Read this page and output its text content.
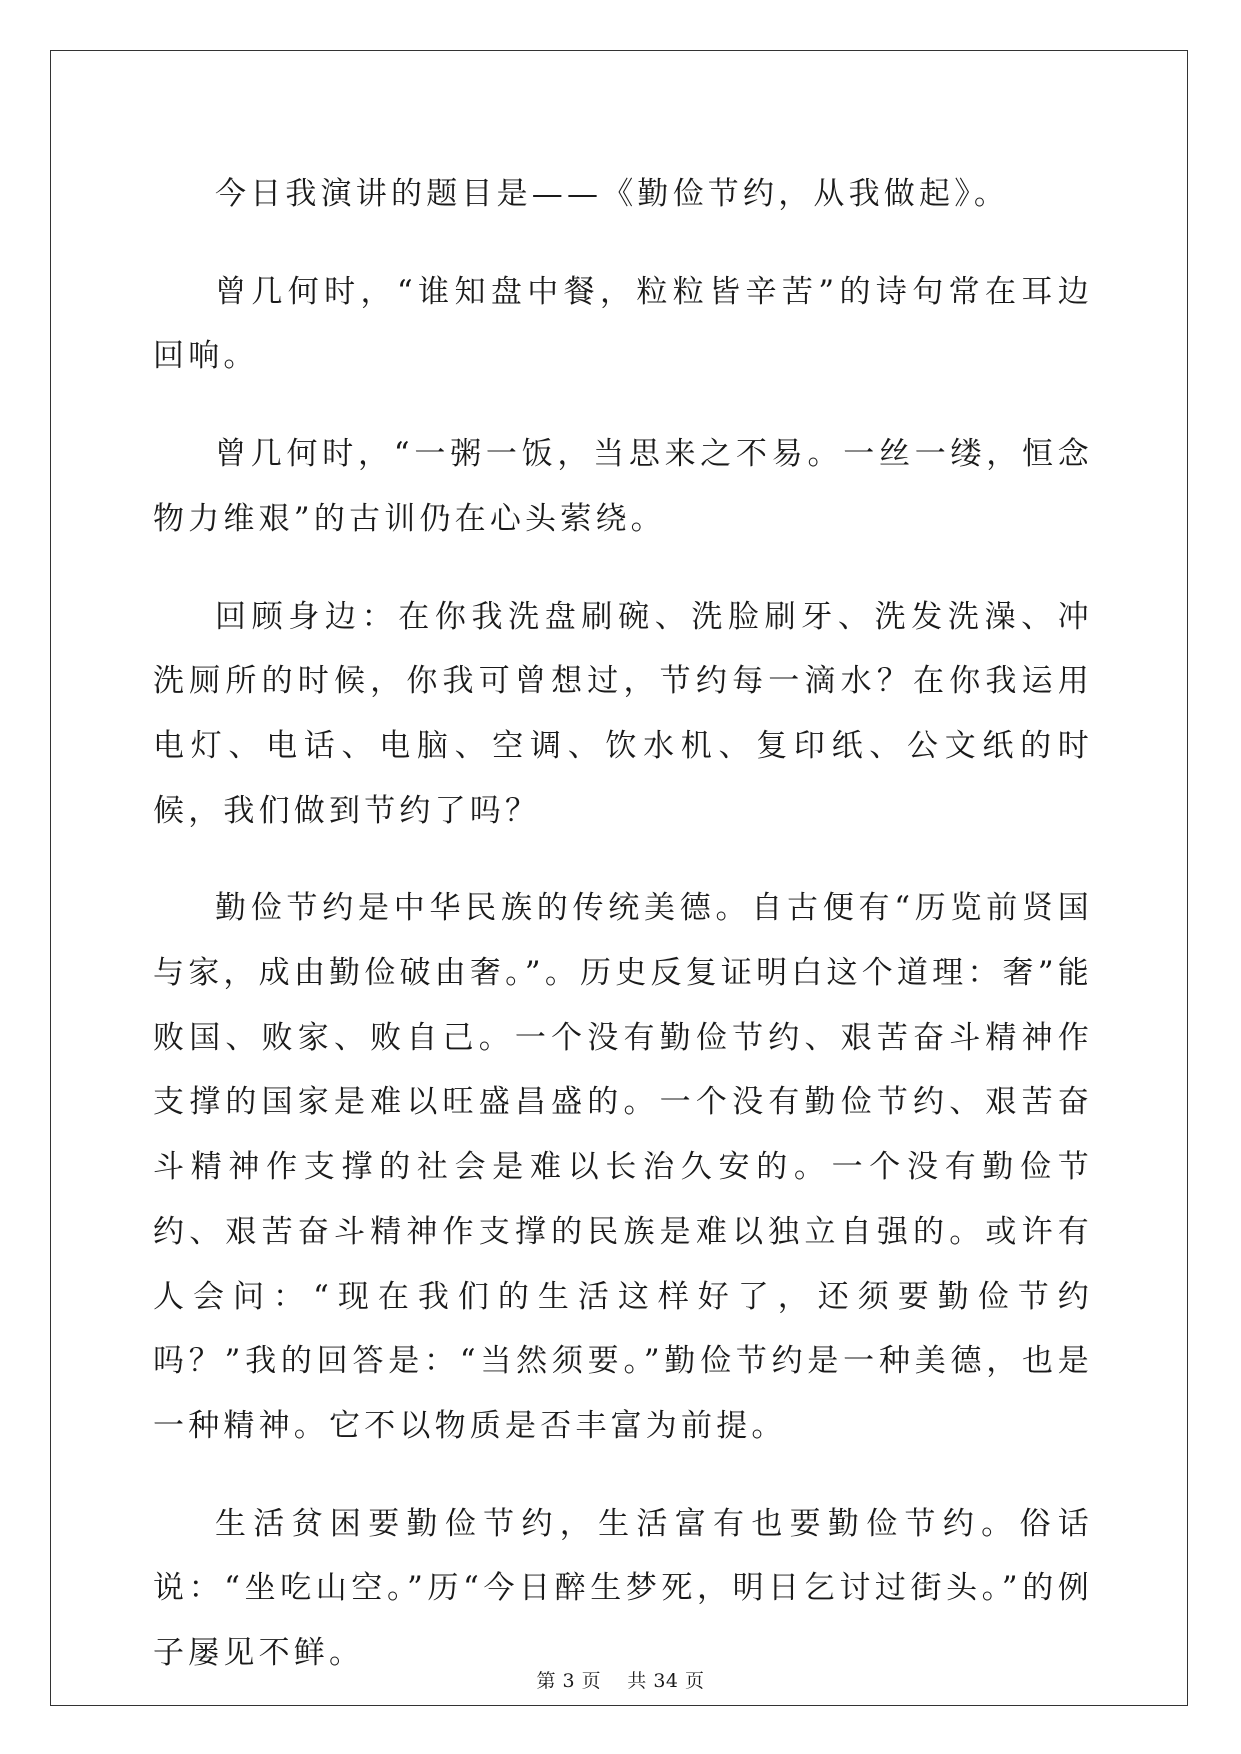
今日我演讲的题目是——《勤俭节约，从我做起》。

曾几何时，“谁知盘中餐，粒粒皆辛苦”的诗句常在耳边回响。

曾几何时，“一粥一饭，当思来之不易。一丝一缕，恒念物力维艰”的古训仍在心头萦绕。

回顾身边：在你我洗盘刷碗、洗脸刷牙、洗发洗澡、冲洗厕所的时候，你我可曾想过，节约每一滴水？在你我运用电灯、电话、电脑、空调、饮水机、复印纸、公文纸的时候，我们做到节约了吗？

勤俭节约是中华民族的传统美德。自古便有“历览前贤国与家，成由勤俭破由奢。”。历史反复证明白这个道理：奢”能败国、败家、败自己。一个没有勤俭节约、艰苦奋斗精神作支撑的国家是难以旺盛昌盛的。一个没有勤俭节约、艰苦奋斗精神作支撑的社会是难以长治久安的。一个没有勤俭节约、艰苦奋斗精神作支撑的民族是难以独立自强的。或许有人会问：“现在我们的生活这样好了，还须要勤俭节约吗？”我的回答是：“当然须要。”勤俭节约是一种美德，也是一种精神。它不以物质是否丰富为前提。

生活贫困要勤俭节约，生活富有也要勤俭节约。俗话说：“坐吃山空。”历“今日醉生梦死，明日乞讨过街头。”的例子屡见不鲜。

第 3 页    共 34 页
